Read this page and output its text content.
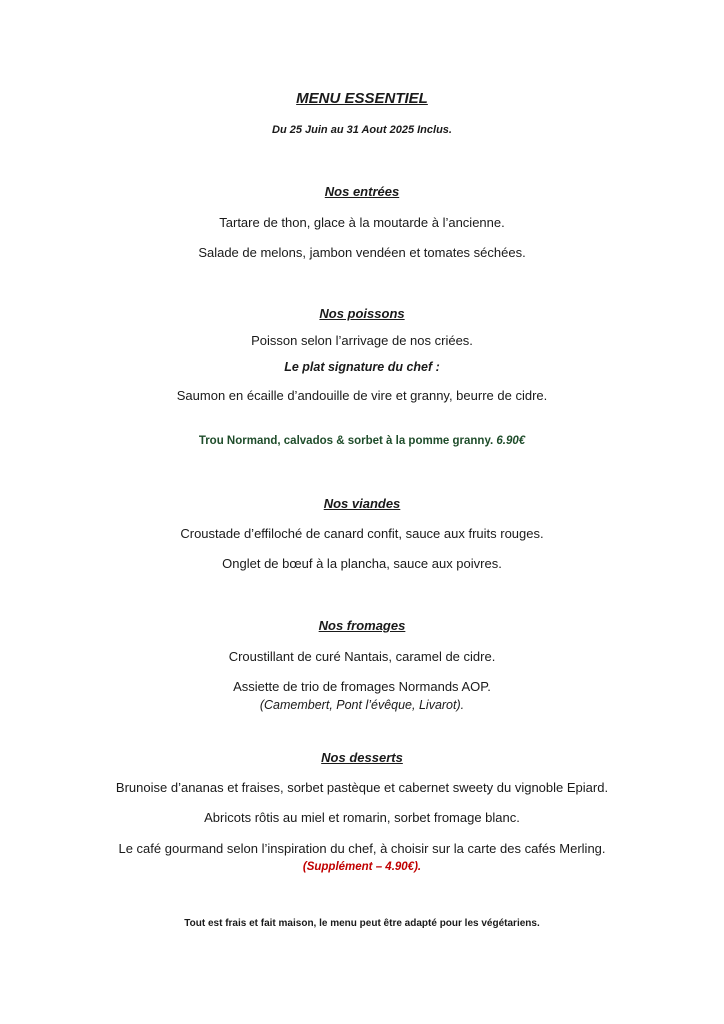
MENU ESSENTIEL

Du 25 Juin au 31 Aout 2025 Inclus.

Nos entrées

Tartare de thon, glace à la moutarde à l’ancienne.

Salade de melons, jambon vendéen et tomates séchées.

Nos poissons

Poisson selon l’arrivage de nos criées.

Le plat signature du chef :

Saumon en écaille d’andouille de vire et granny, beurre de cidre.

Trou Normand, calvados & sorbet à la pomme granny. 6.90€

Nos viandes

Croustade d’effiloché de canard confit, sauce aux fruits rouges.

Onglet de bœuf à la plancha, sauce aux poivres.

Nos fromages

Croustillant de curé Nantais, caramel de cidre.

Assiette de trio de fromages Normands AOP.

(Camembert, Pont l’évêque, Livarot).

Nos desserts

Brunoise d’ananas et fraises, sorbet pastèque et cabernet sweety du vignoble Epiard.

Abricots rôtis au miel et romarin, sorbet fromage blanc.

Le café gourmand selon l’inspiration du chef, à choisir sur la carte des cafés Merling.

(Supplément – 4.90€).

Tout est frais et fait maison, le menu peut être adapté pour les végétariens.
